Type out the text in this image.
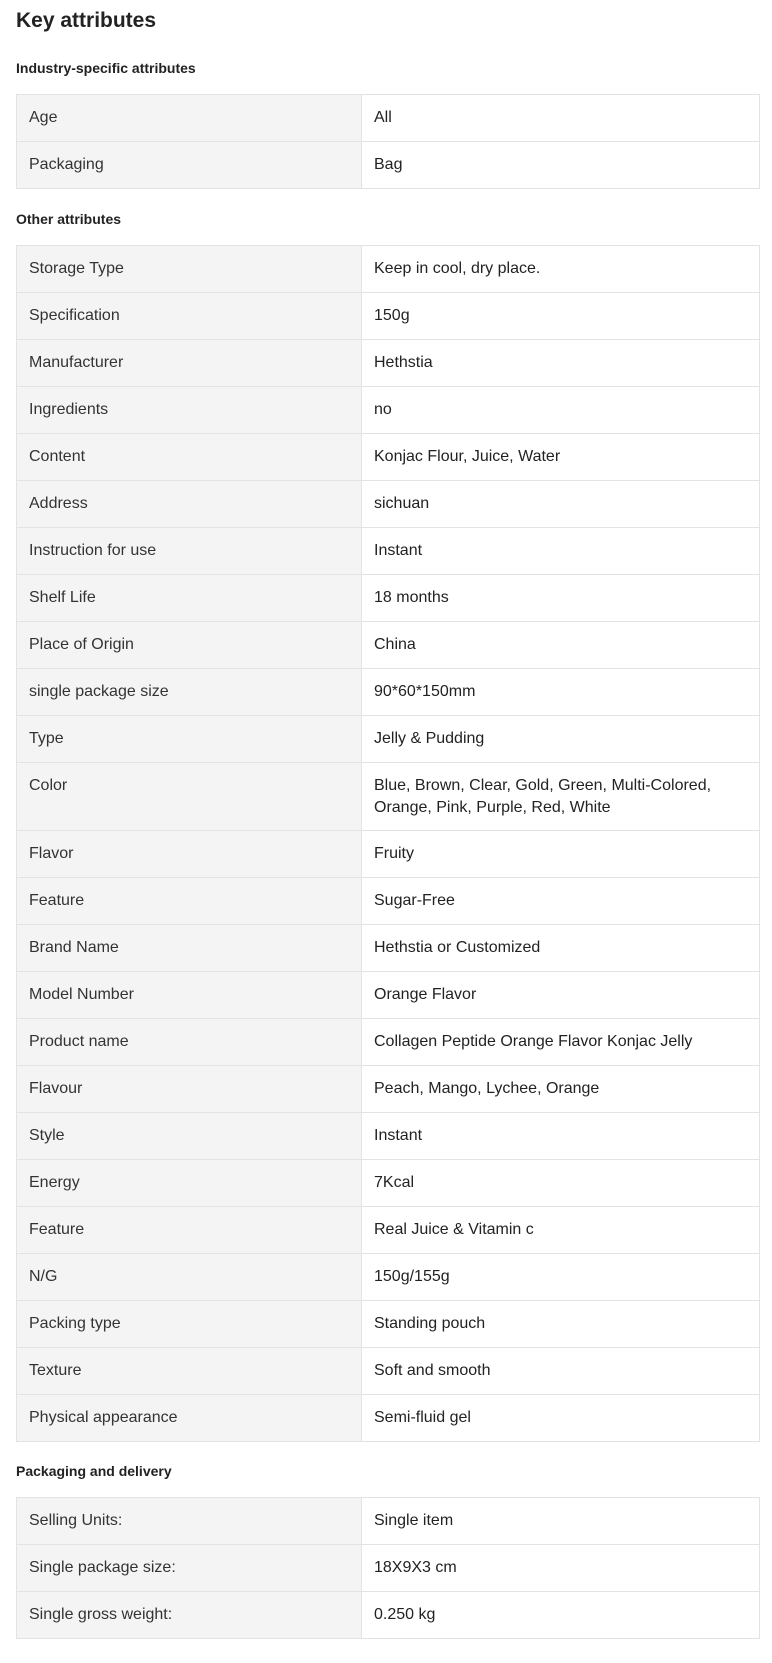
Key attributes
Industry-specific attributes
Age	All
Packaging	Bag
Other attributes
Storage Type	Keep in cool, dry place.
Specification	150g
Manufacturer	Hethstia
Ingredients	no
Content	Konjac Flour, Juice, Water
Address	sichuan
Instruction for use	Instant
Shelf Life	18 months
Place of Origin	China
single package size	90*60*150mm
Type	Jelly & Pudding
Color	Blue, Brown, Clear, Gold, Green, Multi-Colored, Orange, Pink, Purple, Red, White
Flavor	Fruity
Feature	Sugar-Free
Brand Name	Hethstia or Customized
Model Number	Orange Flavor
Product name	Collagen Peptide Orange Flavor Konjac Jelly
Flavour	Peach, Mango, Lychee, Orange
Style	Instant
Energy	7Kcal
Feature	Real Juice & Vitamin c
N/G	150g/155g
Packing type	Standing pouch
Texture	Soft and smooth
Physical appearance	Semi-fluid gel
Packaging and delivery
Selling Units:	Single item
Single package size:	18X9X3 cm
Single gross weight:	0.250 kg
